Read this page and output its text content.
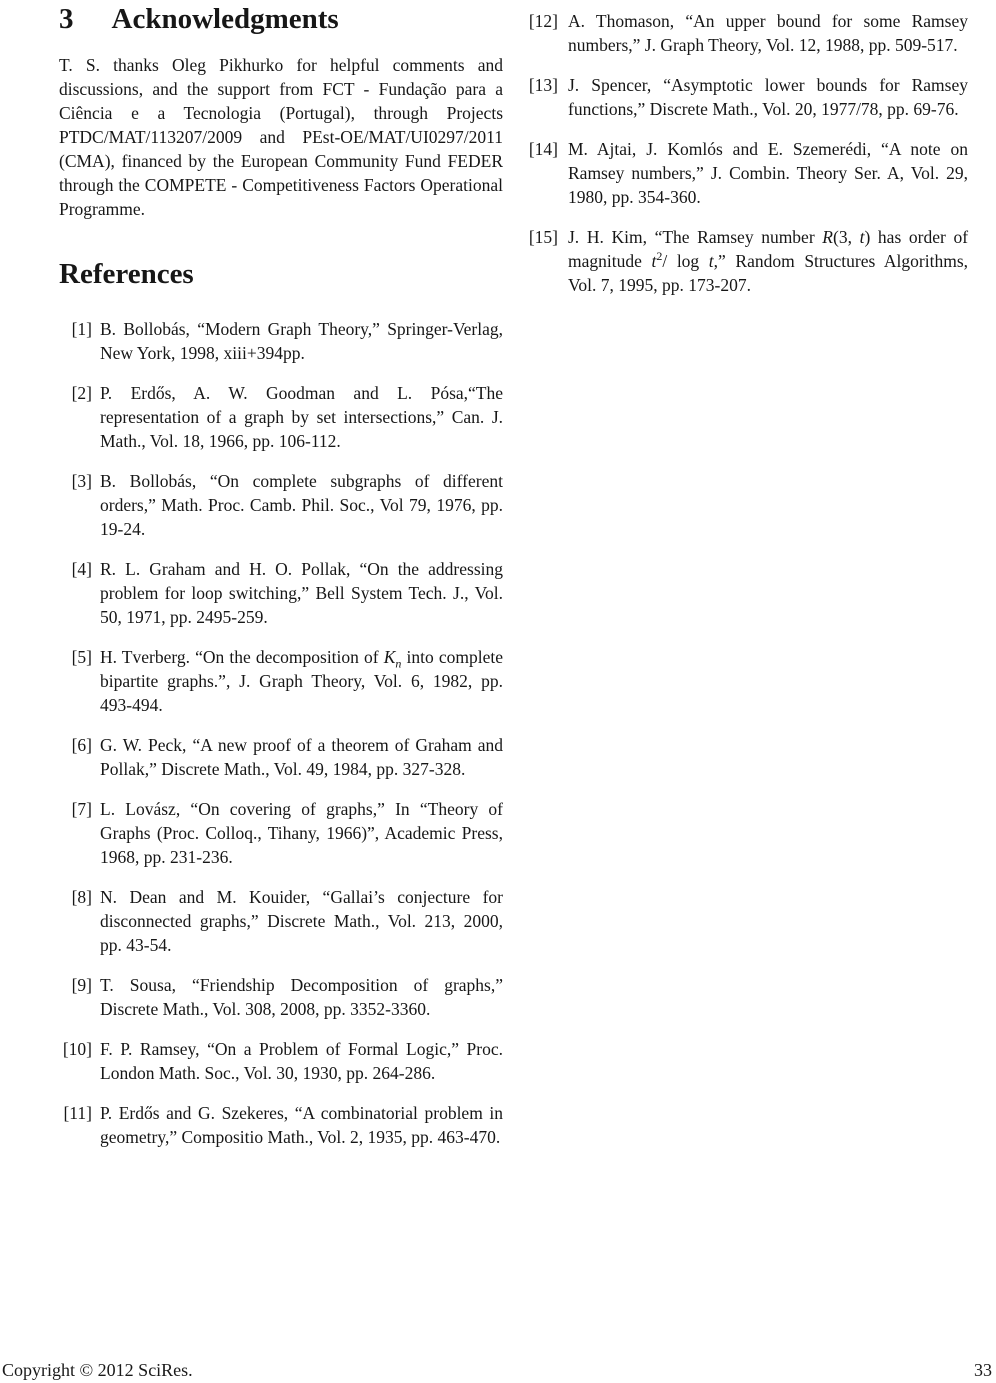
3 Acknowledgments

T. S. thanks Oleg Pikhurko for helpful comments and discussions, and the support from FCT - Fundação para a Ciência e a Tecnologia (Portugal), through Projects PTDC/MAT/113207/2009 and PEst-OE/MAT/UI0297/2011 (CMA), financed by the European Community Fund FEDER through the COMPETE - Competitiveness Factors Operational Programme.

References
[1] B. Bollobás, “Modern Graph Theory,” Springer-Verlag, New York, 1998, xiii+394pp.
[2] P. Erdős, A. W. Goodman and L. Pósa,“The representation of a graph by set intersections,” Can. J. Math., Vol. 18, 1966, pp. 106-112.
[3] B. Bollobás, “On complete subgraphs of different orders,” Math. Proc. Camb. Phil. Soc., Vol 79, 1976, pp. 19-24.
[4] R. L. Graham and H. O. Pollak, “On the addressing problem for loop switching,” Bell System Tech. J., Vol. 50, 1971, pp. 2495-259.
[5] H. Tverberg. “On the decomposition of $K_n$ into complete bipartite graphs.”, J. Graph Theory, Vol. 6, 1982, pp. 493-494.
[6] G. W. Peck, “A new proof of a theorem of Graham and Pollak,” Discrete Math., Vol. 49, 1984, pp. 327-328.
[7] L. Lovász, “On covering of graphs,” In “Theory of Graphs (Proc. Colloq., Tihany, 1966)”, Academic Press, 1968, pp. 231-236.
[8] N. Dean and M. Kouider, “Gallai’s conjecture for disconnected graphs,” Discrete Math., Vol. 213, 2000, pp. 43-54.
[9] T. Sousa, “Friendship Decomposition of graphs,” Discrete Math., Vol. 308, 2008, pp. 3352-3360.
[10] F. P. Ramsey, “On a Problem of Formal Logic,” Proc. London Math. Soc., Vol. 30, 1930, pp. 264-286.
[11] P. Erdős and G. Szekeres, “A combinatorial problem in geometry,” Compositio Math., Vol. 2, 1935, pp. 463-470.
[12] A. Thomason, “An upper bound for some Ramsey numbers,” J. Graph Theory, Vol. 12, 1988, pp. 509-517.
[13] J. Spencer, “Asymptotic lower bounds for Ramsey functions,” Discrete Math., Vol. 20, 1977/78, pp. 69-76.
[14] M. Ajtai, J. Komlós and E. Szemerédi, “A note on Ramsey numbers,” J. Combin. Theory Ser. A, Vol. 29, 1980, pp. 354-360.
[15] J. H. Kim, “The Ramsey number R(3, t) has order of magnitude $t^2/$ log t,” Random Structures Algorithms, Vol. 7, 1995, pp. 173-207.
Copyright © 2012 SciRes.	33
